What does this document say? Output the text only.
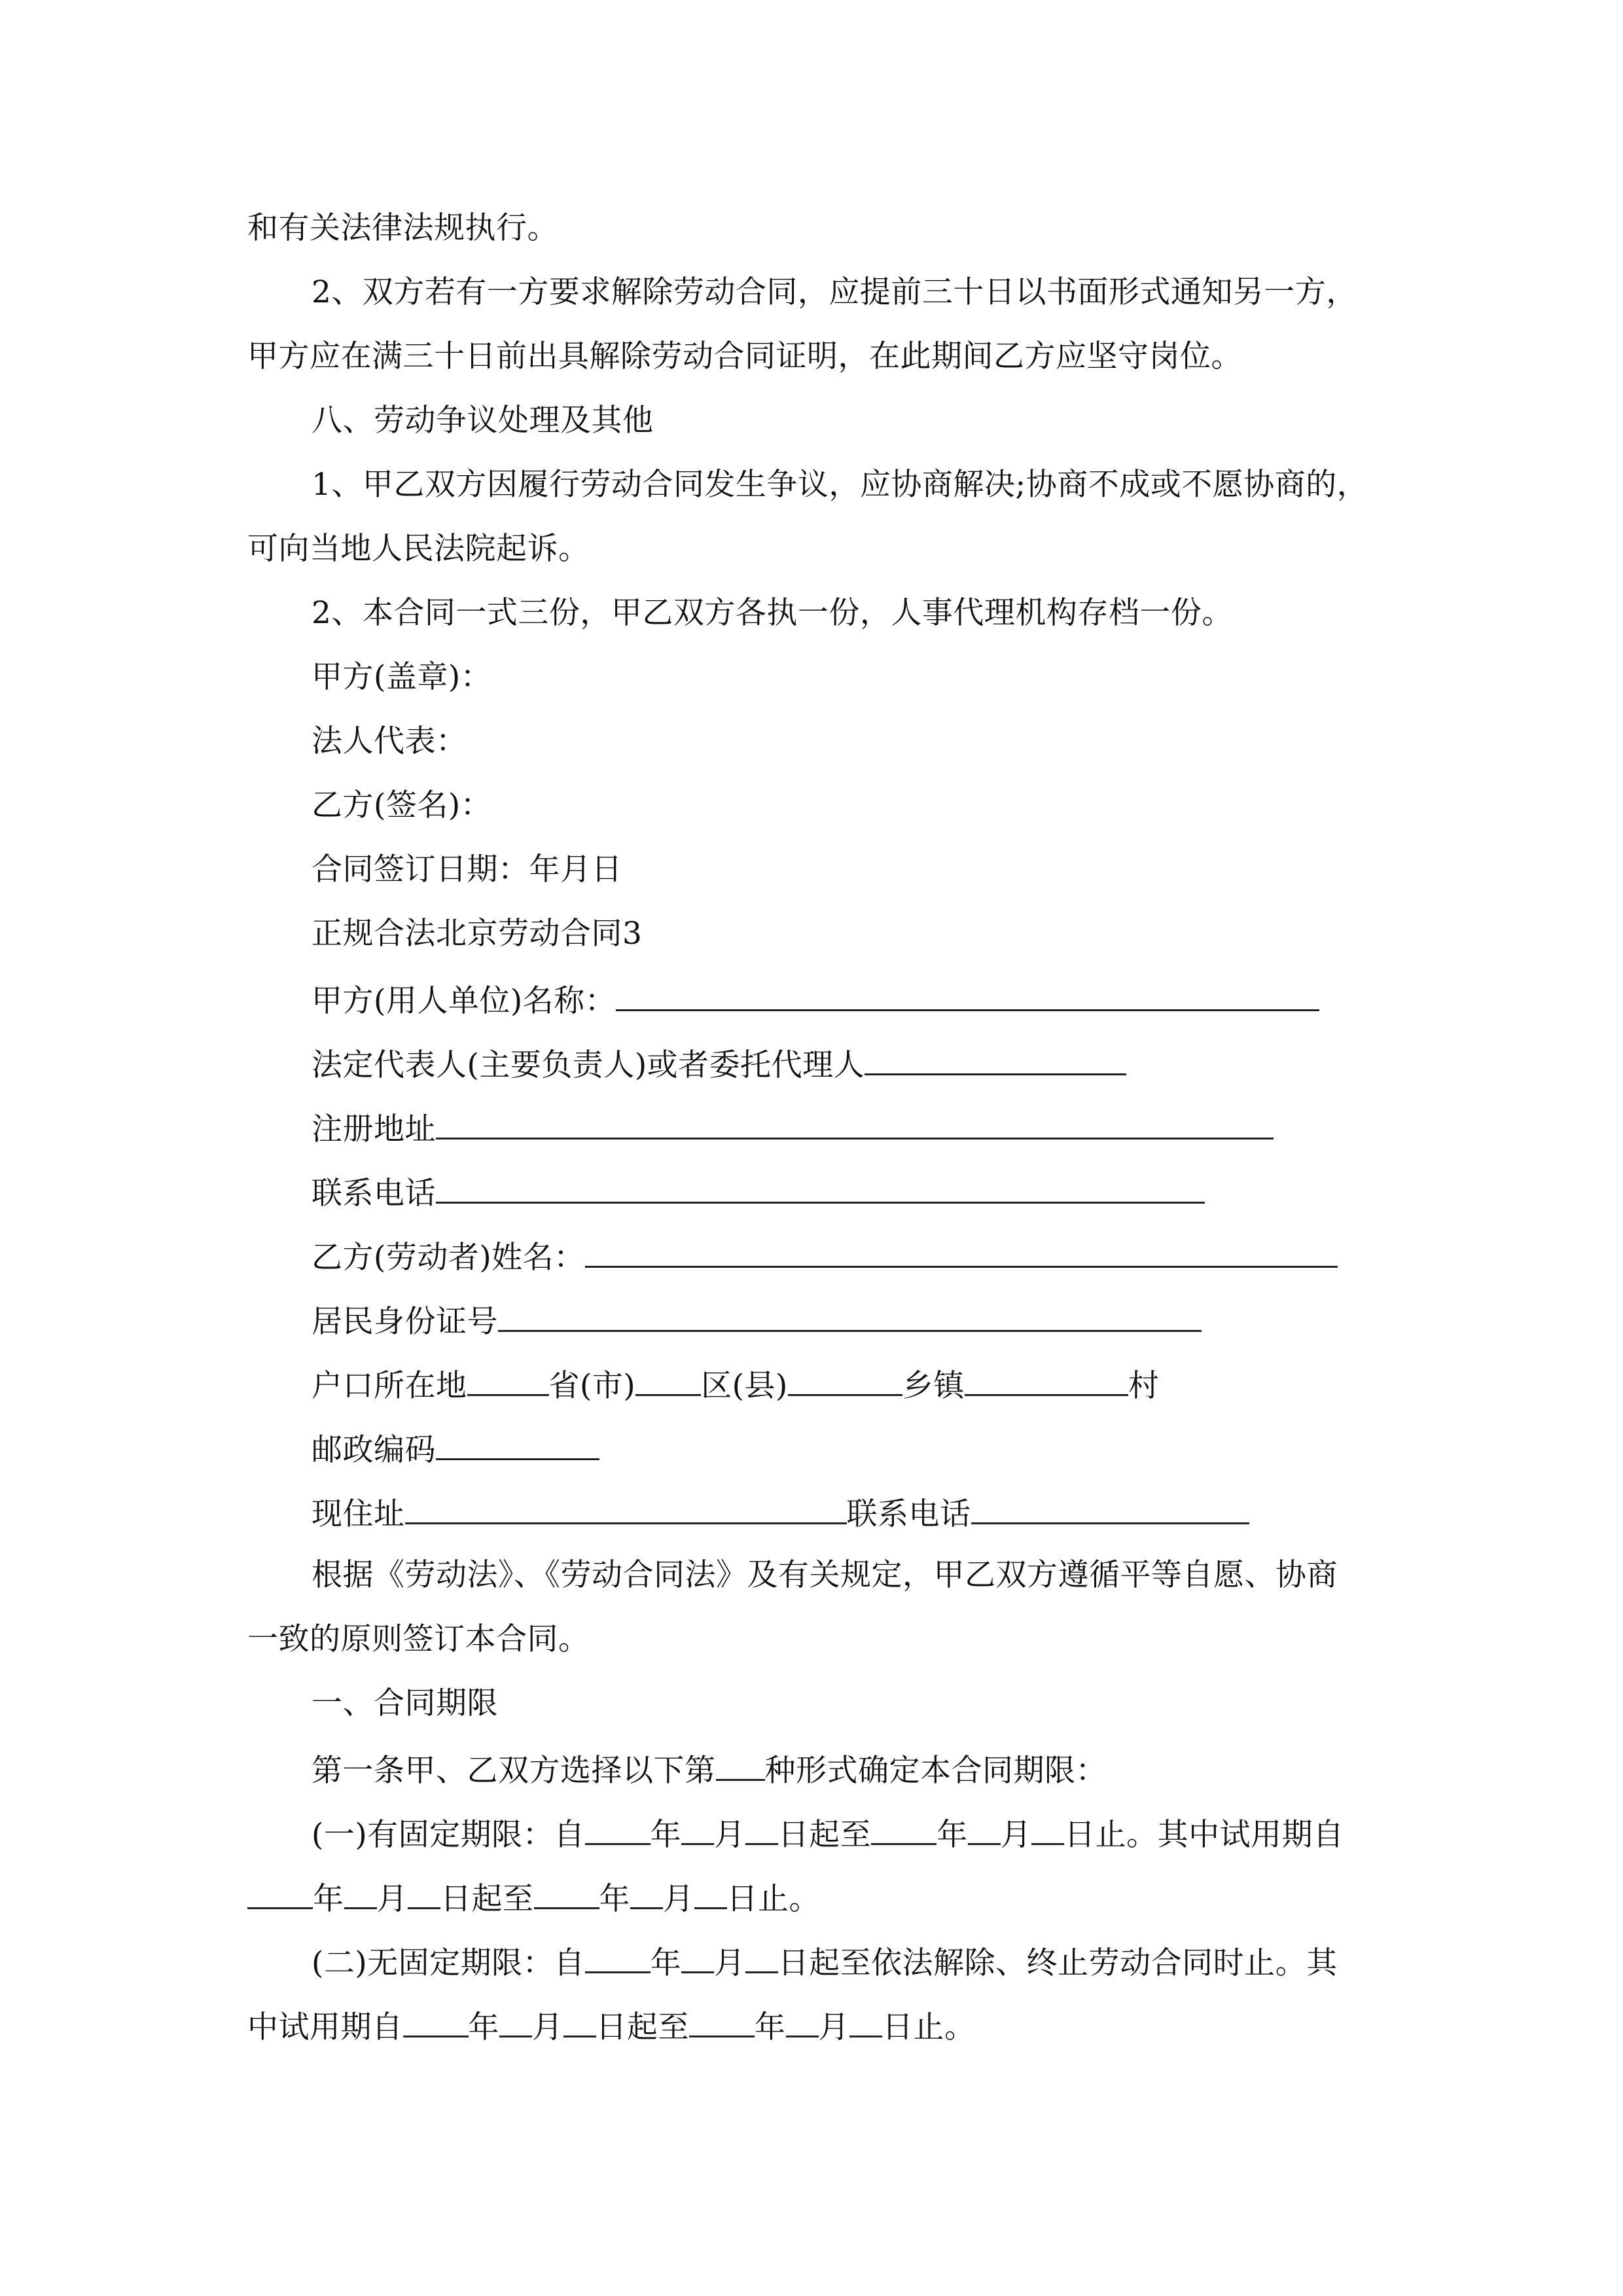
和有关法律法规执行。
2、双方若有一方要求解除劳动合同，应提前三十日以书面形式通知另一方，
甲方应在满三十日前出具解除劳动合同证明，在此期间乙方应坚守岗位。
八、劳动争议处理及其他
1、甲乙双方因履行劳动合同发生争议，应协商解决;协商不成或不愿协商的，
可向当地人民法院起诉。
2、本合同一式三份，甲乙双方各执一份，人事代理机构存档一份。
甲方(盖章)：
法人代表：
乙方(签名)：
合同签订日期：年月日
正规合法北京劳动合同3
甲方(用人单位)名称：
法定代表人(主要负责人)或者委托代理人
注册地址
联系电话
乙方(劳动者)姓名：
居民身份证号
户口所在地	省(市) 区(县)	乡镇	村
邮政编码
现住址	联系电话
根据《劳动法》、《劳动合同法》及有关规定，甲乙双方遵循平等自愿、协商
一致的原则签订本合同。
一、合同期限
第一条甲、乙双方选择以下第 种形式确定本合同期限：
(一)有固定期限：自 年 月 日起至 年 月 日止。其中试用期自
年 月 日起至 年 月 日止。
(二)无固定期限：自 年 月 日起至依法解除、终止劳动合同时止。其
中试用期自 年 月 日起至 年 月 日止。
